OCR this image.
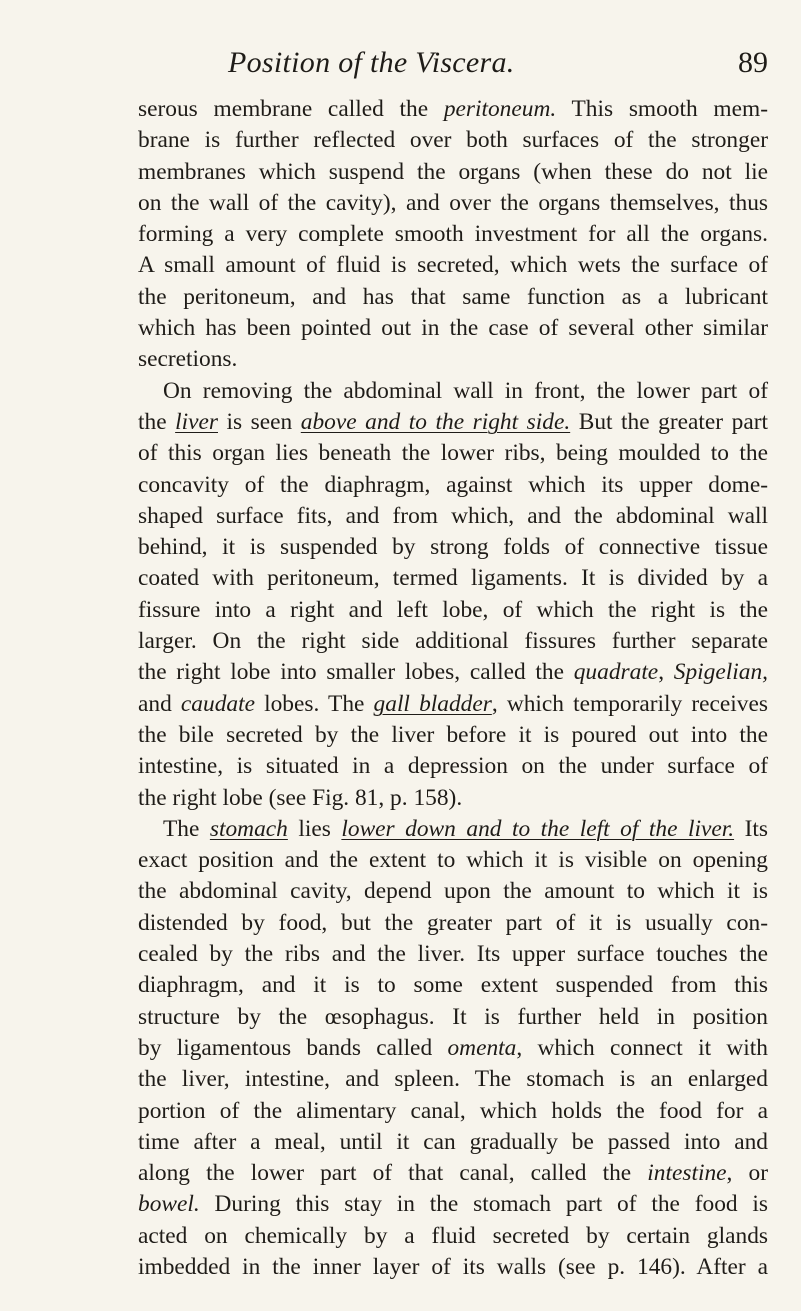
Position of the Viscera.	89
serous membrane called the peritoneum. This smooth mem-
brane is further reflected over both surfaces of the stronger
membranes which suspend the organs (when these do not lie
on the wall of the cavity), and over the organs themselves, thus
forming a very complete smooth investment for all the organs.
A small amount of fluid is secreted, which wets the surface of
the peritoneum, and has that same function as a lubricant
which has been pointed out in the case of several other similar
secretions.
On removing the abdominal wall in front, the lower part of
the liver is seen above and to the right side. But the greater part
of this organ lies beneath the lower ribs, being moulded to the
concavity of the diaphragm, against which its upper dome-
shaped surface fits, and from which, and the abdominal wall
behind, it is suspended by strong folds of connective tissue
coated with peritoneum, termed ligaments. It is divided by a
fissure into a right and left lobe, of which the right is the
larger. On the right side additional fissures further separate
the right lobe into smaller lobes, called the quadrate, Spigelian,
and caudate lobes. The gall bladder, which temporarily receives
the bile secreted by the liver before it is poured out into the
intestine, is situated in a depression on the under surface of
the right lobe (see Fig. 81, p. 158).
The stomach lies lower down and to the left of the liver. Its
exact position and the extent to which it is visible on opening
the abdominal cavity, depend upon the amount to which it is
distended by food, but the greater part of it is usually con-
cealed by the ribs and the liver. Its upper surface touches the
diaphragm, and it is to some extent suspended from this
structure by the œsophagus. It is further held in position
by ligamentous bands called omenta, which connect it with
the liver, intestine, and spleen. The stomach is an enlarged
portion of the alimentary canal, which holds the food for a
time after a meal, until it can gradually be passed into and
along the lower part of that canal, called the intestine, or
bowel. During this stay in the stomach part of the food is
acted on chemically by a fluid secreted by certain glands
imbedded in the inner layer of its walls (see p. 146). After a
